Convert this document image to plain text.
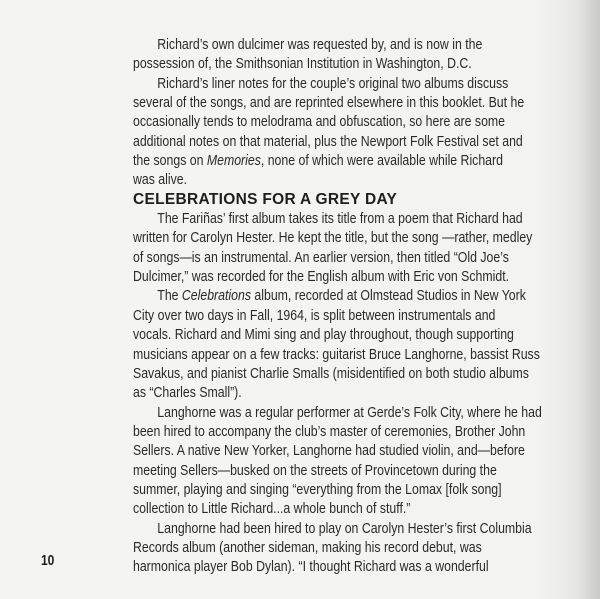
Richard’s own dulcimer was requested by, and is now in the
possession of, the Smithsonian Institution in Washington, D.C.
Richard’s liner notes for the couple’s original two albums discuss
several of the songs, and are reprinted elsewhere in this booklet. But he
occasionally tends to melodrama and obfuscation, so here are some
additional notes on that material, plus the Newport Folk Festival set and
the songs on Memories, none of which were available while Richard
was alive.
CELEBRATIONS FOR A GREY DAY
The Fariñas’ first album takes its title from a poem that Richard had
written for Carolyn Hester. He kept the title, but the song —rather, medley
of songs—is an instrumental. An earlier version, then titled “Old Joe’s
Dulcimer,” was recorded for the English album with Eric von Schmidt.
The Celebrations album, recorded at Olmstead Studios in New York
City over two days in Fall, 1964, is split between instrumentals and
vocals. Richard and Mimi sing and play throughout, though supporting
musicians appear on a few tracks: guitarist Bruce Langhorne, bassist Russ
Savakus, and pianist Charlie Smalls (misidentified on both studio albums
as “Charles Small”).
Langhorne was a regular performer at Gerde’s Folk City, where he had
been hired to accompany the club’s master of ceremonies, Brother John
Sellers. A native New Yorker, Langhorne had studied violin, and—before
meeting Sellers—busked on the streets of Provincetown during the
summer, playing and singing “everything from the Lomax [folk song]
collection to Little Richard...a whole bunch of stuff.”
Langhorne had been hired to play on Carolyn Hester’s first Columbia
Records album (another sideman, making his record debut, was
harmonica player Bob Dylan). “I thought Richard was a wonderful
10
